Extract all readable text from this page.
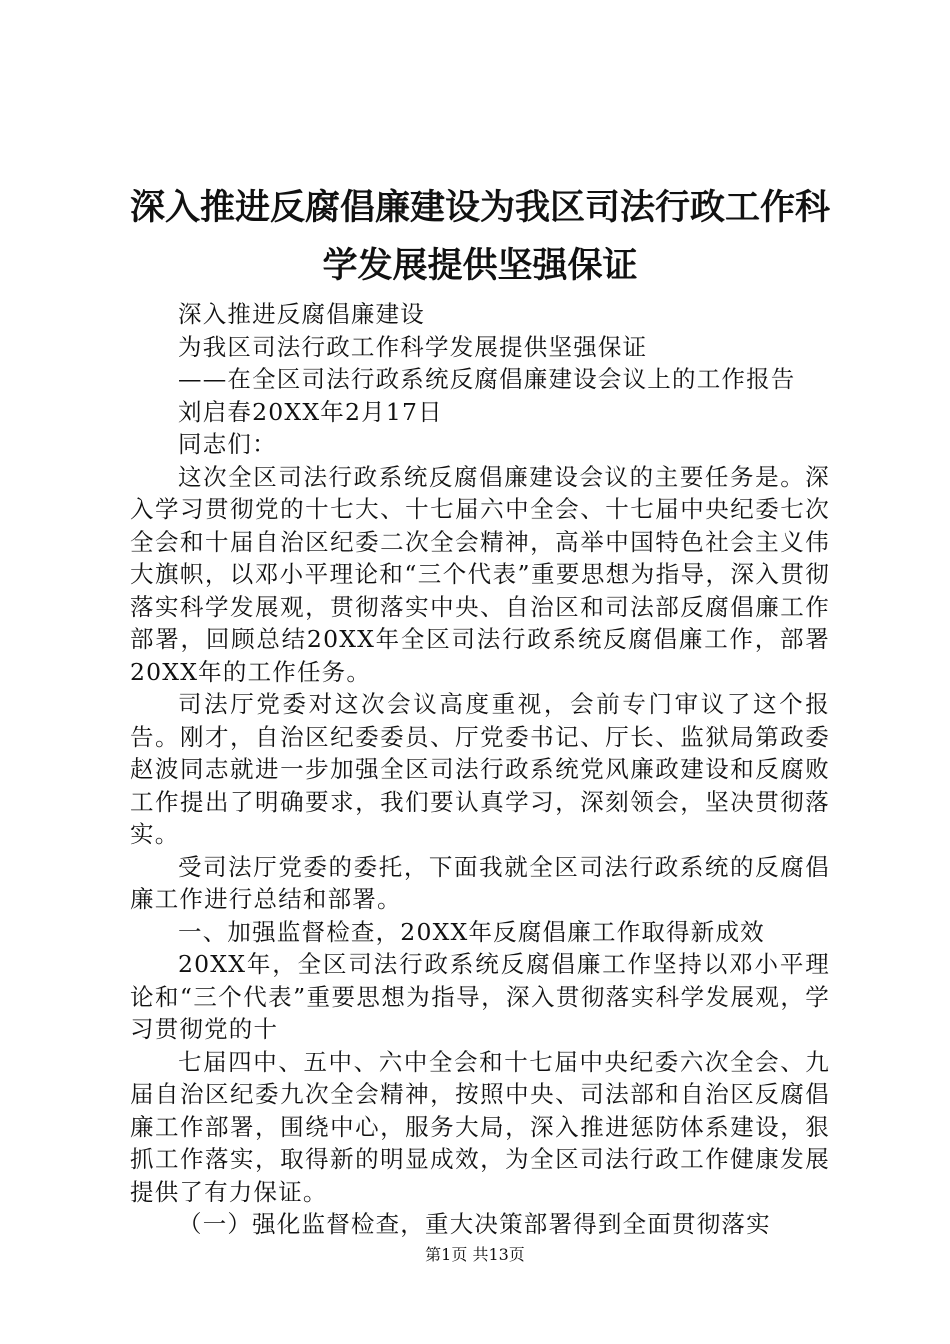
深入推进反腐倡廉建设为我区司法行政工作科
学发展提供坚强保证

深入推进反腐倡廉建设

为我区司法行政工作科学发展提供坚强保证

——在全区司法行政系统反腐倡廉建设会议上的工作报告

刘启春20XX年2月17日

同志们：

这次全区司法行政系统反腐倡廉建设会议的主要任务是。深入学习贯彻党的十七大、十七届六中全会、十七届中央纪委七次全会和十届自治区纪委二次全会精神，高举中国特色社会主义伟大旗帜，以邓小平理论和“三个代表”重要思想为指导，深入贯彻落实科学发展观，贯彻落实中央、自治区和司法部反腐倡廉工作部署，回顾总结20XX年全区司法行政系统反腐倡廉工作，部署20XX年的工作任务。

司法厅党委对这次会议高度重视，会前专门审议了这个报告。刚才，自治区纪委委员、厅党委书记、厅长、监狱局第政委赵波同志就进一步加强全区司法行政系统党风廉政建设和反腐败工作提出了明确要求，我们要认真学习，深刻领会，坚决贯彻落实。

受司法厅党委的委托，下面我就全区司法行政系统的反腐倡廉工作进行总结和部署。

一、加强监督检查，20XX年反腐倡廉工作取得新成效

20XX年，全区司法行政系统反腐倡廉工作坚持以邓小平理论和“三个代表”重要思想为指导，深入贯彻落实科学发展观，学习贯彻党的十

七届四中、五中、六中全会和十七届中央纪委六次全会、九届自治区纪委九次全会精神，按照中央、司法部和自治区反腐倡廉工作部署，围绕中心，服务大局，深入推进惩防体系建设，狠抓工作落实，取得新的明显成效，为全区司法行政工作健康发展提供了有力保证。

（一）强化监督检查，重大决策部署得到全面贯彻落实

第1页 共13页
